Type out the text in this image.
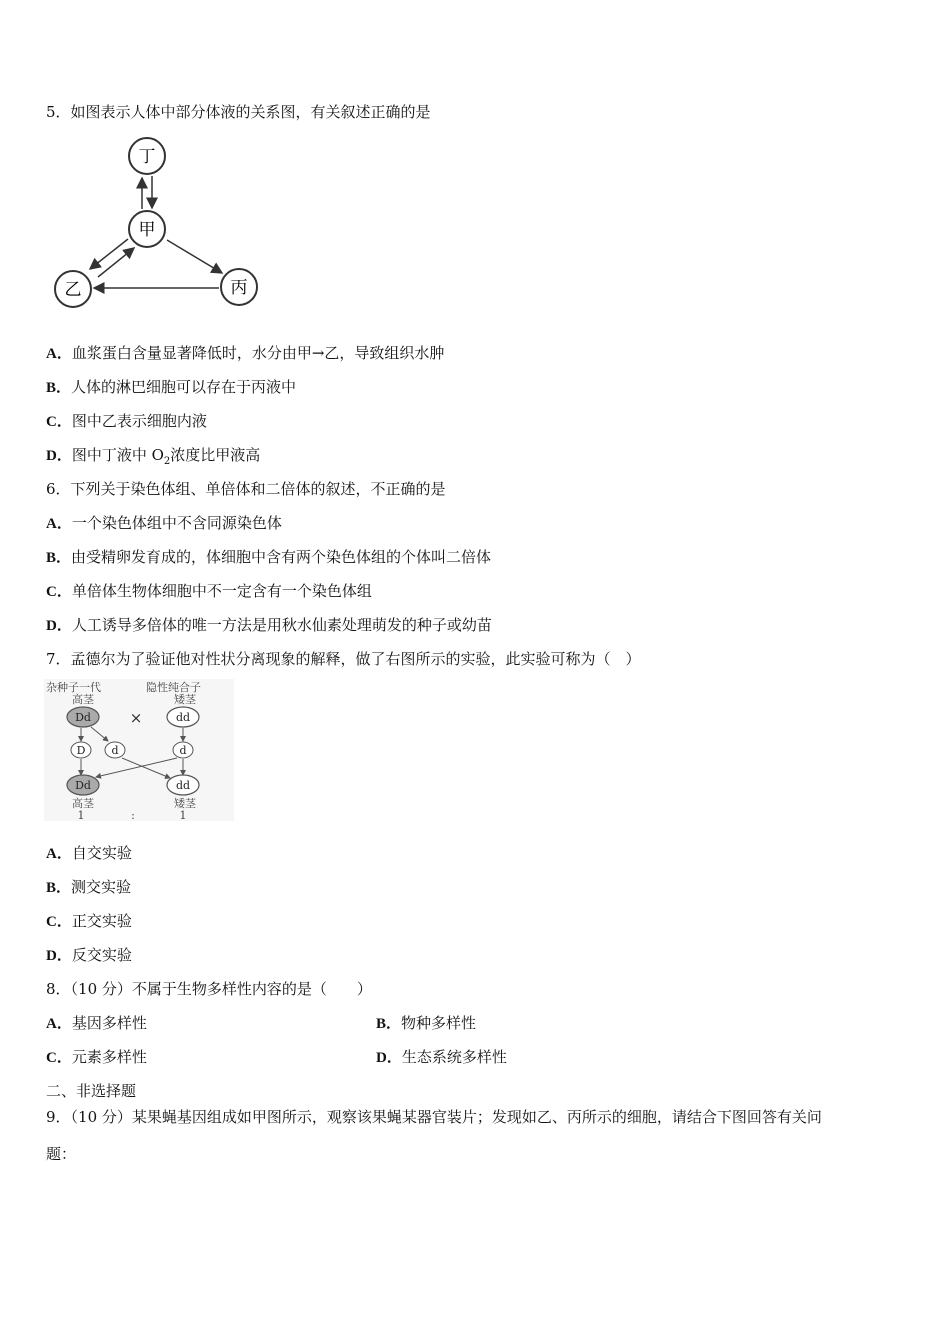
5．如图表示人体中部分体液的关系图，有关叙述正确的是
丁
甲
乙	丙
A．血浆蛋白含量显著降低时，水分由甲→乙，导致组织水肿
B．人体的淋巴细胞可以存在于丙液中
C．图中乙表示细胞内液
D．图中丁液中 $O_2$浓度比甲液高
6．下列关于染色体组、单倍体和二倍体的叙述，不正确的是
A．一个染色体组中不含同源染色体
B．由受精卵发育成的，体细胞中含有两个染色体组的个体叫二倍体
C．单倍体生物体细胞中不一定含有一个染色体组
D．人工诱导多倍体的唯一方法是用秋水仙素处理萌发的种子或幼苗
7．孟德尔为了验证他对性状分离现象的解释，做了右图所示的实验，此实验可称为（　）
杂种子一代	隐性纯合子
高茎	矮茎
Dd	×	dd
D d	d
Dd	dd
高茎	矮茎
1	:	1
A．自交实验
B．测交实验
C．正交实验
D．反交实验
8．（10 分）不属于生物多样性内容的是（　　）
A．基因多样性	B．物种多样性
C．元素多样性	D．生态系统多样性
二、非选择题
9．（10 分）某果蝇基因组成如甲图所示，观察该果蝇某器官装片；发现如乙、丙所示的细胞，请结合下图回答有关问
题：
